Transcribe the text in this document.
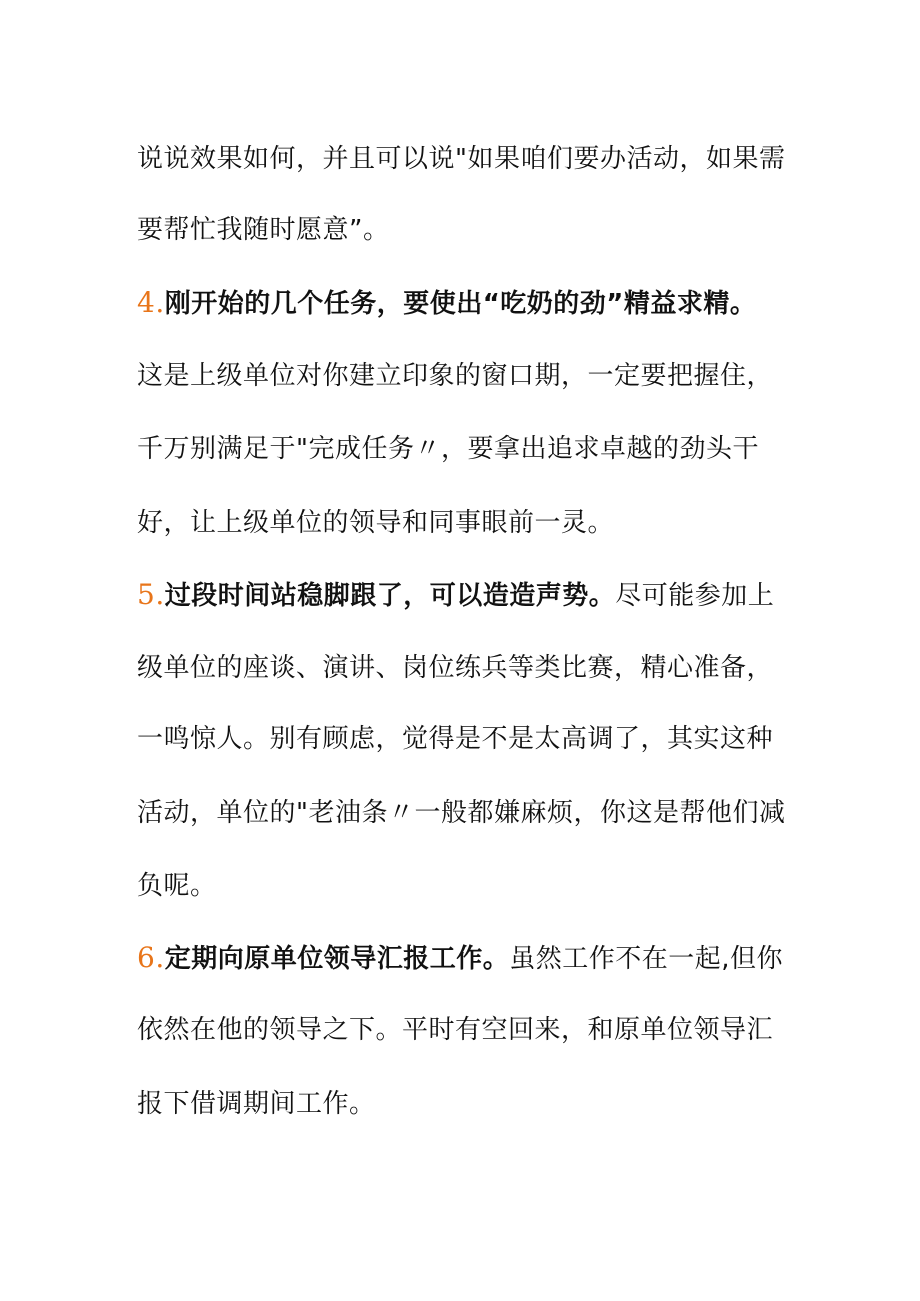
说说效果如何，并且可以说"如果咱们要办活动，如果需
要帮忙我随时愿意”。
4.刚开始的几个任务，要使出“吃奶的劲”精益求精。
这是上级单位对你建立印象的窗口期，一定要把握住，
千万别满足于"完成任务〃，要拿出追求卓越的劲头干
好，让上级单位的领导和同事眼前一灵。
5.过段时间站稳脚跟了，可以造造声势。尽可能参加上
级单位的座谈、演讲、岗位练兵等类比赛，精心准备，
一鸣惊人。别有顾虑，觉得是不是太高调了，其实这种
活动，单位的"老油条〃一般都嫌麻烦，你这是帮他们减
负呢。
6.定期向原单位领导汇报工作。虽然工作不在一起,但你
依然在他的领导之下。平时有空回来，和原单位领导汇
报下借调期间工作。
